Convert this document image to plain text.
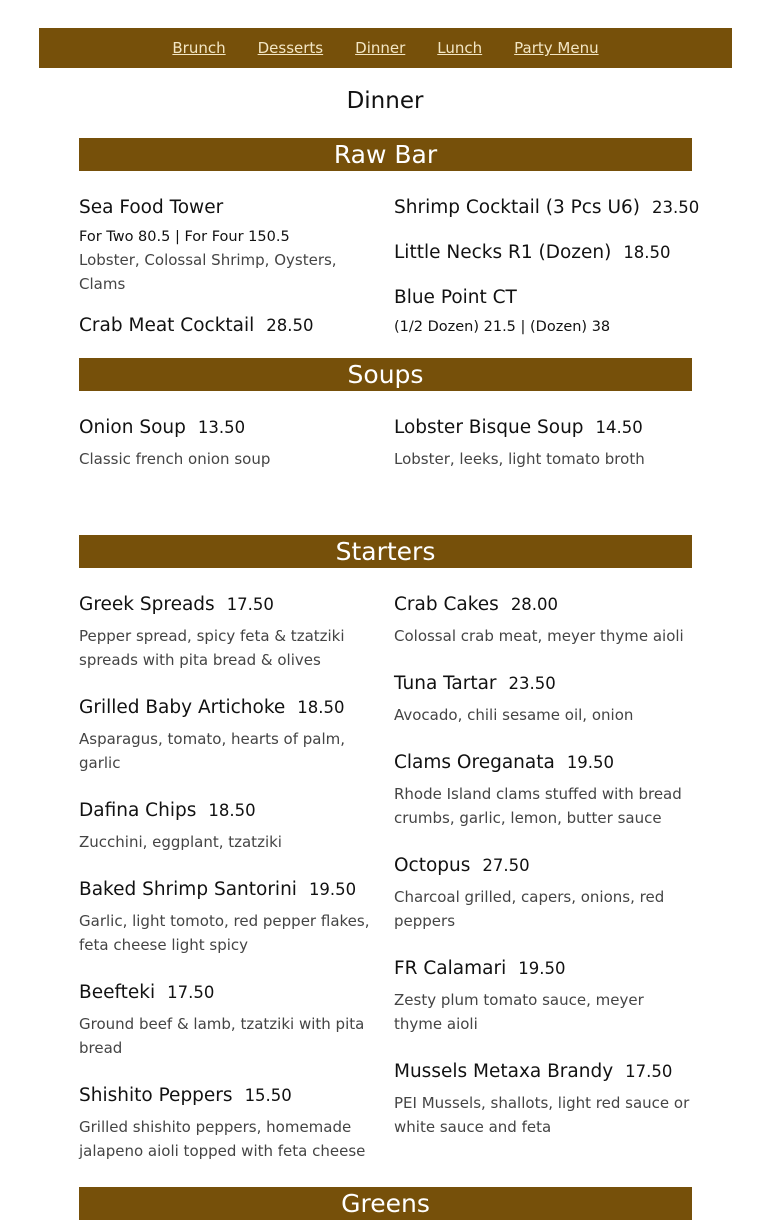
Brunch Desserts Dinner Lunch Party Menu
Dinner
Raw Bar
Sea Food Tower
For Two 80.5 | For Four 150.5
Lobster, Colossal Shrimp, Oysters, Clams
Crab Meat Cocktail 28.50
Shrimp Cocktail (3 Pcs U6) 23.50
Little Necks R1 (Dozen) 18.50
Blue Point CT
(1/2 Dozen) 21.5 | (Dozen) 38
Soups
Onion Soup 13.50
Classic french onion soup
Lobster Bisque Soup 14.50
Lobster, leeks, light tomato broth
Starters
Greek Spreads 17.50
Pepper spread, spicy feta & tzatziki spreads with pita bread & olives
Grilled Baby Artichoke 18.50
Asparagus, tomato, hearts of palm, garlic
Dafina Chips 18.50
Zucchini, eggplant, tzatziki
Baked Shrimp Santorini 19.50
Garlic, light tomoto, red pepper flakes, feta cheese light spicy
Beefteki 17.50
Ground beef & lamb, tzatziki with pita bread
Shishito Peppers 15.50
Grilled shishito peppers, homemade jalapeno aioli topped with feta cheese
Crab Cakes 28.00
Colossal crab meat, meyer thyme aioli
Tuna Tartar 23.50
Avocado, chili sesame oil, onion
Clams Oreganata 19.50
Rhode Island clams stuffed with bread crumbs, garlic, lemon, butter sauce
Octopus 27.50
Charcoal grilled, capers, onions, red peppers
FR Calamari 19.50
Zesty plum tomato sauce, meyer thyme aioli
Mussels Metaxa Brandy 17.50
PEI Mussels, shallots, light red sauce or white sauce and feta
Greens
